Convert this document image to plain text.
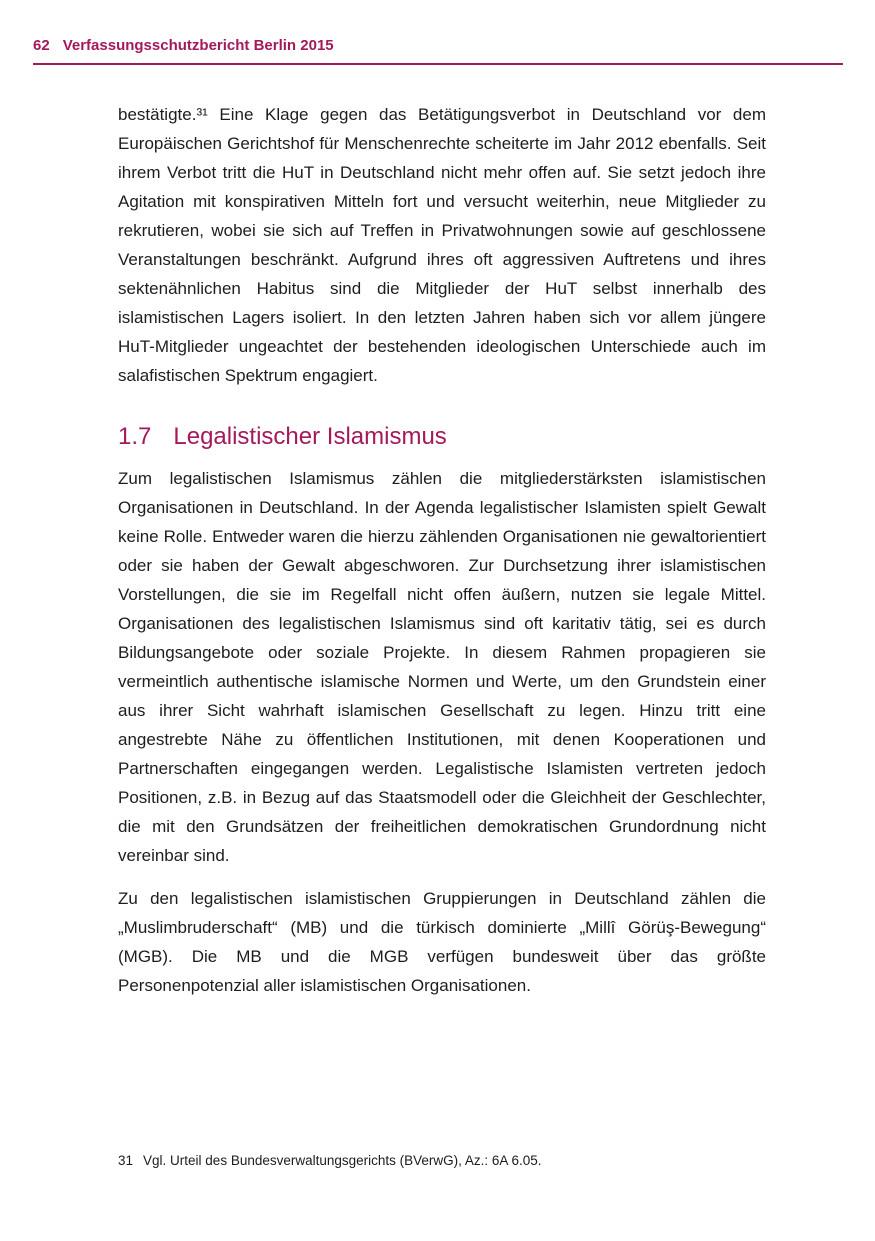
62 Verfassungsschutzbericht Berlin 2015

bestätigte.³¹ Eine Klage gegen das Betätigungsverbot in Deutschland vor dem Europäischen Gerichtshof für Menschenrechte scheiterte im Jahr 2012 ebenfalls. Seit ihrem Verbot tritt die HuT in Deutschland nicht mehr offen auf. Sie setzt jedoch ihre Agitation mit konspirativen Mitteln fort und versucht weiterhin, neue Mitglieder zu rekrutieren, wobei sie sich auf Treffen in Privatwohnungen sowie auf geschlossene Veranstaltungen beschränkt. Aufgrund ihres oft aggressiven Auftretens und ihres sektenähnlichen Habitus sind die Mitglieder der HuT selbst innerhalb des islamistischen Lagers isoliert. In den letzten Jahren haben sich vor allem jüngere HuT-Mitglieder ungeachtet der bestehenden ideologischen Unterschiede auch im salafistischen Spektrum engagiert.

1.7 Legalistischer Islamismus

Zum legalistischen Islamismus zählen die mitgliederstärksten islamistischen Organisationen in Deutschland. In der Agenda legalistischer Islamisten spielt Gewalt keine Rolle. Entweder waren die hierzu zählenden Organisationen nie gewaltorientiert oder sie haben der Gewalt abgeschworen. Zur Durchsetzung ihrer islamistischen Vorstellungen, die sie im Regelfall nicht offen äußern, nutzen sie legale Mittel. Organisationen des legalistischen Islamismus sind oft karitativ tätig, sei es durch Bildungsangebote oder soziale Projekte. In diesem Rahmen propagieren sie vermeintlich authentische islamische Normen und Werte, um den Grundstein einer aus ihrer Sicht wahrhaft islamischen Gesellschaft zu legen. Hinzu tritt eine angestrebte Nähe zu öffentlichen Institutionen, mit denen Kooperationen und Partnerschaften eingegangen werden. Legalistische Islamisten vertreten jedoch Positionen, z.B. in Bezug auf das Staatsmodell oder die Gleichheit der Geschlechter, die mit den Grundsätzen der freiheitlichen demokratischen Grundordnung nicht vereinbar sind.

Zu den legalistischen islamistischen Gruppierungen in Deutschland zählen die „Muslimbruderschaft“ (MB) und die türkisch dominierte „Millî Görüş-Bewegung“ (MGB). Die MB und die MGB verfügen bundesweit über das größte Personenpotenzial aller islamistischen Organisationen.

31 Vgl. Urteil des Bundesverwaltungsgerichts (BVerwG), Az.: 6A 6.05.
